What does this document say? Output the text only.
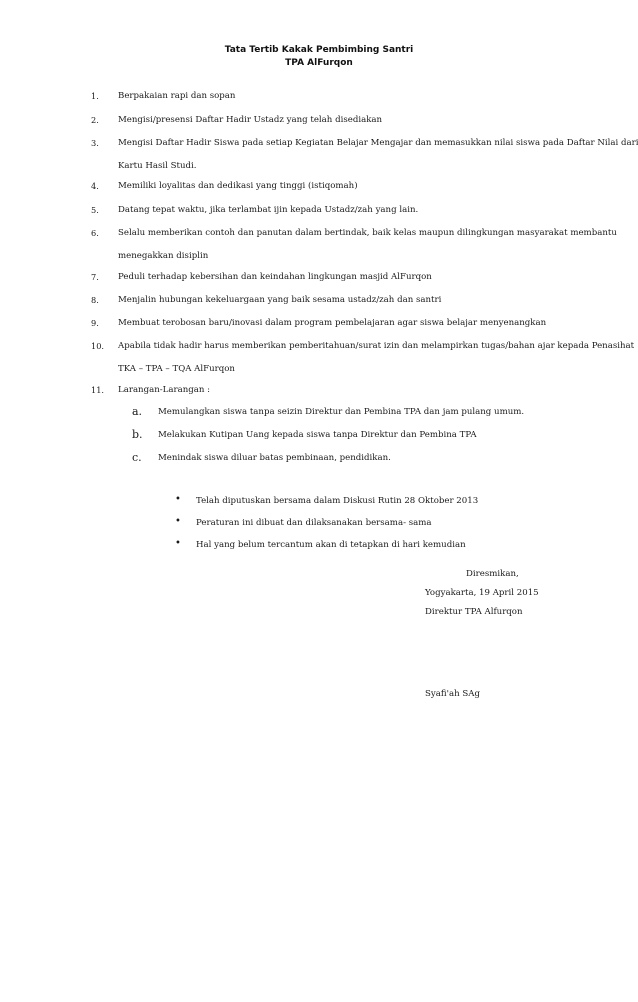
Tata Tertib Kakak Pembimbing Santri
TPA AlFurqon
1. Berpakaian rapi dan sopan
2. Mengisi/presensi Daftar Hadir Ustadz yang telah disediakan
3. Mengisi Daftar Hadir Siswa pada setiap Kegiatan Belajar Mengajar dan memasukkan nilai siswa pada Daftar Nilai dari
Kartu Hasil Studi.
4. Memiliki loyalitas dan dedikasi yang tinggi (istiqomah)
5. Datang tepat waktu, jika terlambat ijin kepada Ustadz/zah yang lain.
6. Selalu memberikan contoh dan panutan dalam bertindak, baik kelas maupun dilingkungan masyarakat membantu
menegakkan disiplin
7. Peduli terhadap kebersihan dan keindahan lingkungan masjid AlFurqon
8. Menjalin hubungan kekeluargaan yang baik sesama ustadz/zah dan santri
9. Membuat terobosan baru/inovasi dalam program pembelajaran agar siswa belajar menyenangkan
10. Apabila tidak hadir harus memberikan pemberitahuan/surat izin dan melampirkan tugas/bahan ajar kepada Penasihat
TKA – TPA – TQA AlFurqon
11. Larangan-Larangan :
a. Memulangkan siswa tanpa seizin Direktur dan Pembina TPA dan jam pulang umum.
b. Melakukan Kutipan Uang kepada siswa tanpa Direktur dan Pembina TPA
c. Menindak siswa diluar batas pembinaan, pendidikan.
• Telah diputuskan bersama dalam Diskusi Rutin 28 Oktober 2013
• Peraturan ini dibuat dan dilaksanakan bersama- sama
• Hal yang belum tercantum akan di tetapkan di hari kemudian
Diresmikan,
Yogyakarta, 19 April 2015
Direktur TPA Alfurqon
Syafi'ah SAg
